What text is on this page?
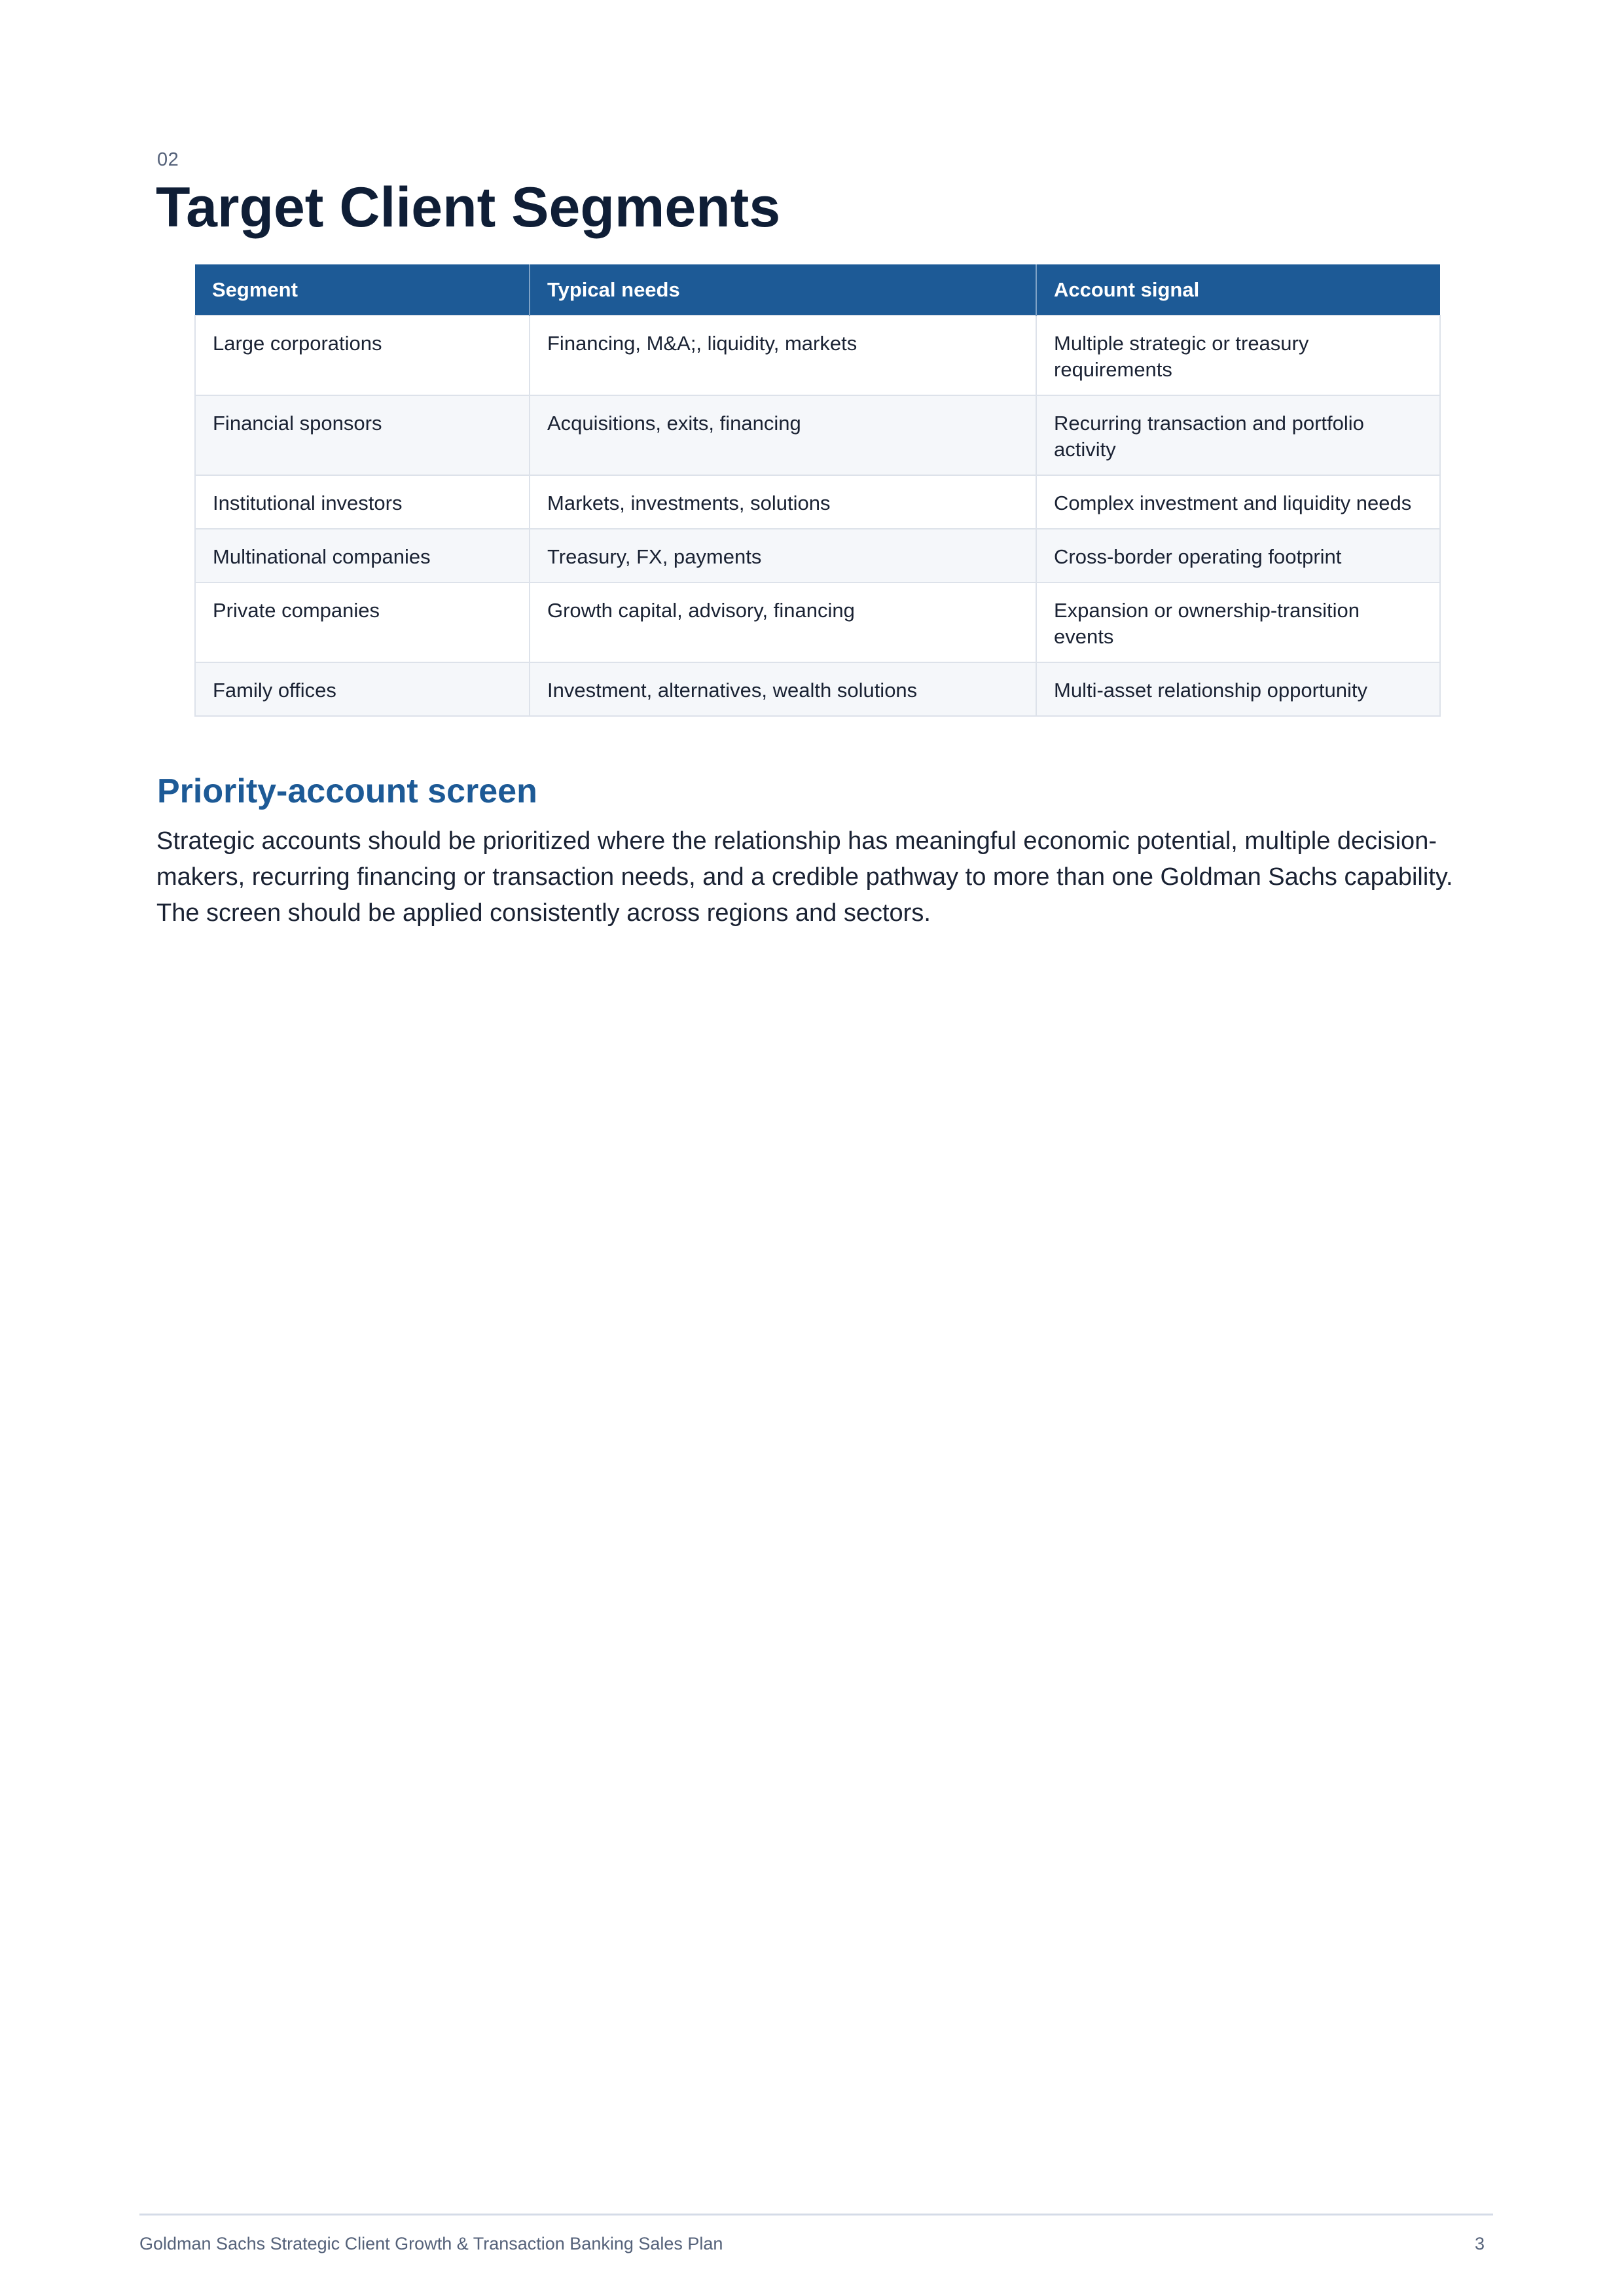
02
Target Client Segments
Segment	Typical needs	Account signal
Large corporations	Financing, M&A;, liquidity, markets	Multiple strategic or treasury requirements
Financial sponsors	Acquisitions, exits, financing	Recurring transaction and portfolio activity
Institutional investors	Markets, investments, solutions	Complex investment and liquidity needs
Multinational companies	Treasury, FX, payments	Cross-border operating footprint
Private companies	Growth capital, advisory, financing	Expansion or ownership-transition events
Family offices	Investment, alternatives, wealth solutions	Multi-asset relationship opportunity
Priority-account screen

Strategic accounts should be prioritized where the relationship has meaningful economic potential, multiple decision-makers, recurring financing or transaction needs, and a credible pathway to more than one Goldman Sachs capability. The screen should be applied consistently across regions and sectors.

Goldman Sachs Strategic Client Growth & Transaction Banking Sales Plan	3
